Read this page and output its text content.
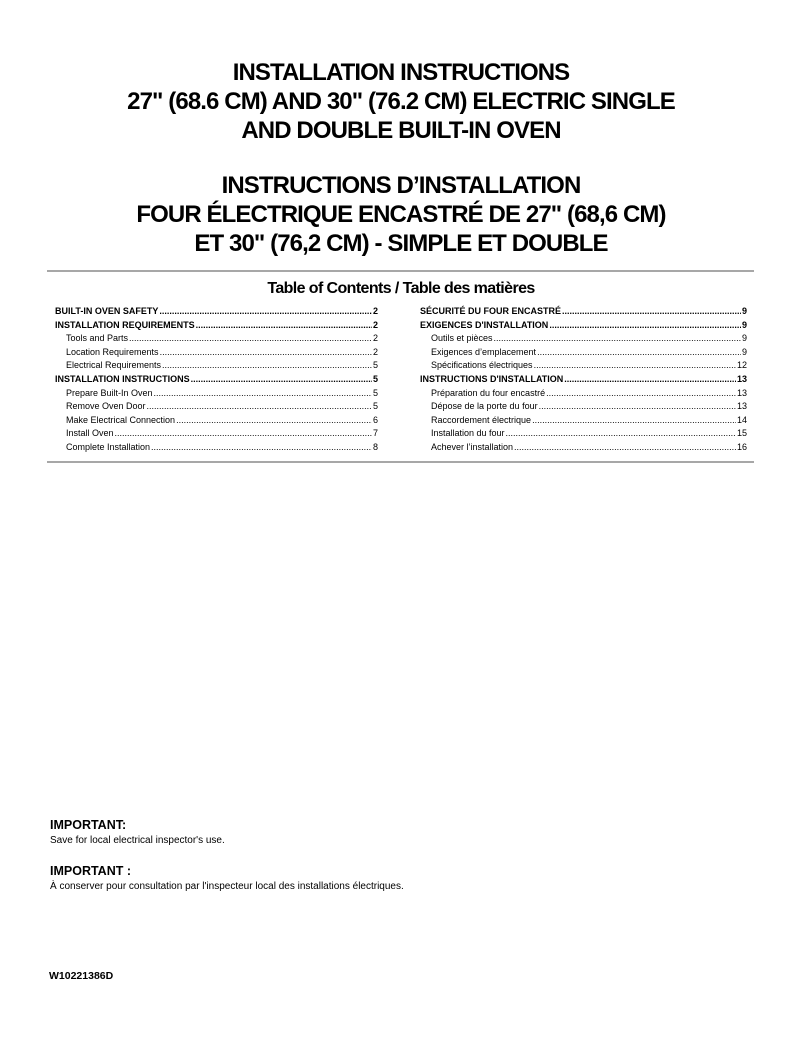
INSTALLATION INSTRUCTIONS
27" (68.6 CM) AND 30" (76.2 CM) ELECTRIC SINGLE
AND DOUBLE BUILT-IN OVEN
INSTRUCTIONS D’INSTALLATION
FOUR ÉLECTRIQUE ENCASTRÉ DE 27" (68,6 CM)
ET 30" (76,2 CM) - SIMPLE ET DOUBLE
Table of Contents / Table des matières
BUILT-IN OVEN SAFETY .....	2
INSTALLATION REQUIREMENTS .....	2
Tools and Parts .....	2
Location Requirements .....	2
Electrical Requirements .....	5
INSTALLATION INSTRUCTIONS .....	5
Prepare Built-In Oven .....	5
Remove Oven Door .....	5
Make Electrical Connection .....	6
Install Oven .....	7
Complete Installation .....	8
SÉCURITÉ DU FOUR ENCASTRÉ .....	9
EXIGENCES D'INSTALLATION .....	9
Outils et pièces .....	9
Exigences d’emplacement .....	9
Spécifications électriques .....	12
INSTRUCTIONS D'INSTALLATION .....	13
Préparation du four encastré .....	13
Dépose de la porte du four .....	13
Raccordement électrique .....	14
Installation du four .....	15
Achever l’installation .....	16
IMPORTANT:
Save for local electrical inspector's use.
IMPORTANT :
À conserver pour consultation par l'inspecteur local des installations électriques.
W10221386D
